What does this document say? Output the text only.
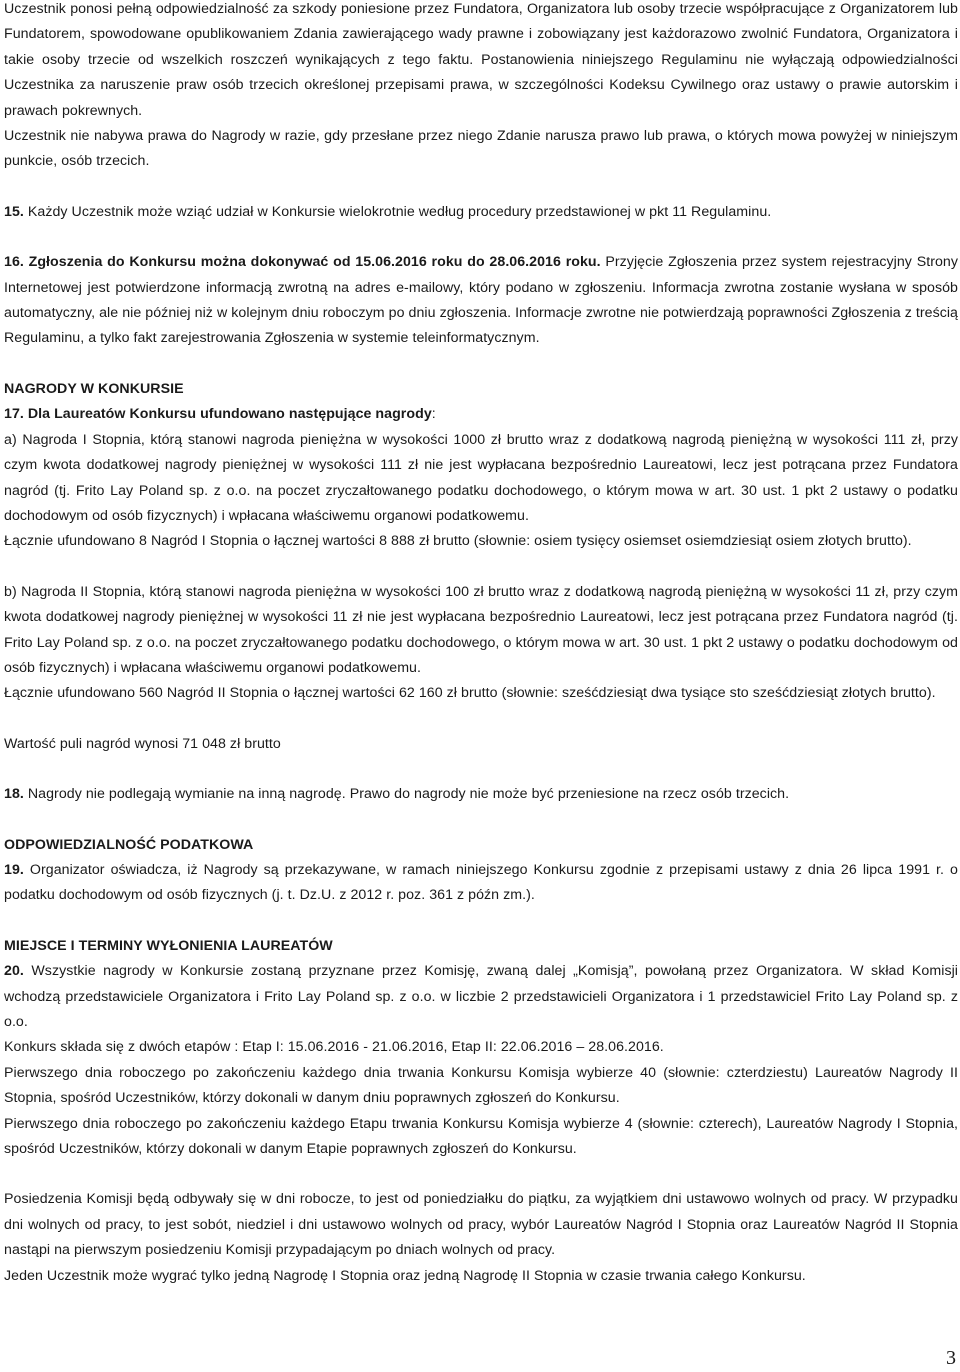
Uczestnik ponosi pełną odpowiedzialność za szkody poniesione przez Fundatora, Organizatora lub osoby trzecie współpracujące z Organizatorem lub Fundatorem, spowodowane opublikowaniem Zdania zawierającego wady prawne i zobowiązany jest każdorazowo zwolnić Fundatora, Organizatora i takie osoby trzecie od wszelkich roszczeń wynikających z tego faktu. Postanowienia niniejszego Regulaminu nie wyłączają odpowiedzialności Uczestnika za naruszenie praw osób trzecich określonej przepisami prawa, w szczególności Kodeksu Cywilnego oraz ustawy o prawie autorskim i prawach pokrewnych.

Uczestnik nie nabywa prawa do Nagrody w razie, gdy przesłane przez niego Zdanie narusza prawo lub prawa, o których mowa powyżej w niniejszym punkcie, osób trzecich.

15. Każdy Uczestnik może wziąć udział w Konkursie wielokrotnie według procedury przedstawionej w pkt 11 Regulaminu.

16. Zgłoszenia do Konkursu można dokonywać od 15.06.2016 roku do 28.06.2016 roku. Przyjęcie Zgłoszenia przez system rejestracyjny Strony Internetowej jest potwierdzone informacją zwrotną na adres e-mailowy, który podano w zgłoszeniu. Informacja zwrotna zostanie wysłana w sposób automatyczny, ale nie później niż w kolejnym dniu roboczym po dniu zgłoszenia. Informacje zwrotne nie potwierdzają poprawności Zgłoszenia z treścią Regulaminu, a tylko fakt zarejestrowania Zgłoszenia w systemie teleinformatycznym.

NAGRODY W KONKURSIE

17. Dla Laureatów Konkursu ufundowano następujące nagrody:

a) Nagroda I Stopnia, którą stanowi nagroda pieniężna w wysokości 1000 zł brutto wraz z dodatkową nagrodą pieniężną w wysokości 111 zł, przy czym kwota dodatkowej nagrody pieniężnej w wysokości 111 zł nie jest wypłacana bezpośrednio Laureatowi, lecz jest potrącana przez Fundatora nagród (tj. Frito Lay Poland sp. z o.o. na poczet zryczałtowanego podatku dochodowego, o którym mowa w art. 30 ust. 1 pkt 2 ustawy o podatku dochodowym od osób fizycznych) i wpłacana właściwemu organowi podatkowemu.

Łącznie ufundowano 8 Nagród I Stopnia o łącznej wartości 8 888 zł brutto (słownie: osiem tysięcy osiemset osiemdziesiąt osiem złotych brutto).

b) Nagroda II Stopnia, którą stanowi nagroda pieniężna w wysokości 100 zł brutto wraz z dodatkową nagrodą pieniężną w wysokości 11 zł, przy czym kwota dodatkowej nagrody pieniężnej w wysokości 11 zł nie jest wypłacana bezpośrednio Laureatowi, lecz jest potrącana przez Fundatora nagród (tj. Frito Lay Poland sp. z o.o. na poczet zryczałtowanego podatku dochodowego, o którym mowa w art. 30 ust. 1 pkt 2 ustawy o podatku dochodowym od osób fizycznych) i wpłacana właściwemu organowi podatkowemu.

Łącznie ufundowano 560 Nagród II Stopnia o łącznej wartości 62 160 zł brutto (słownie: sześćdziesiąt dwa tysiące sto sześćdziesiąt złotych brutto).

Wartość puli nagród wynosi 71 048 zł brutto

18. Nagrody nie podlegają wymianie na inną nagrodę. Prawo do nagrody nie może być przeniesione na rzecz osób trzecich.

ODPOWIEDZIALNOŚĆ PODATKOWA

19. Organizator oświadcza, iż Nagrody są przekazywane, w ramach niniejszego Konkursu zgodnie z przepisami ustawy z dnia 26 lipca 1991 r. o podatku dochodowym od osób fizycznych (j. t. Dz.U. z 2012 r. poz. 361 z późn zm.).

MIEJSCE I TERMINY WYŁONIENIA LAUREATÓW

20. Wszystkie nagrody w Konkursie zostaną przyznane przez Komisję, zwaną dalej „Komisją”, powołaną przez Organizatora. W skład Komisji wchodzą przedstawiciele Organizatora i Frito Lay Poland sp. z o.o. w liczbie 2 przedstawicieli Organizatora i 1 przedstawiciel Frito Lay Poland sp. z o.o.

Konkurs składa się z dwóch etapów : Etap I: 15.06.2016 - 21.06.2016, Etap II: 22.06.2016 – 28.06.2016.

Pierwszego dnia roboczego po zakończeniu każdego dnia trwania Konkursu Komisja wybierze 40 (słownie: czterdziestu) Laureatów Nagrody II Stopnia, spośród Uczestników, którzy dokonali w danym dniu poprawnych zgłoszeń do Konkursu.

Pierwszego dnia roboczego po zakończeniu każdego Etapu trwania Konkursu Komisja wybierze 4 (słownie: czterech), Laureatów Nagrody I Stopnia, spośród Uczestników, którzy dokonali w danym Etapie poprawnych zgłoszeń do Konkursu.

Posiedzenia Komisji będą odbywały się w dni robocze, to jest od poniedziałku do piątku, za wyjątkiem dni ustawowo wolnych od pracy. W przypadku dni wolnych od pracy, to jest sobót, niedziel i dni ustawowo wolnych od pracy, wybór Laureatów Nagród I Stopnia oraz Laureatów Nagród II Stopnia nastąpi na pierwszym posiedzeniu Komisji przypadającym po dniach wolnych od pracy.

Jeden Uczestnik może wygrać tylko jedną Nagrodę I Stopnia oraz jedną Nagrodę II Stopnia w czasie trwania całego Konkursu.

3
